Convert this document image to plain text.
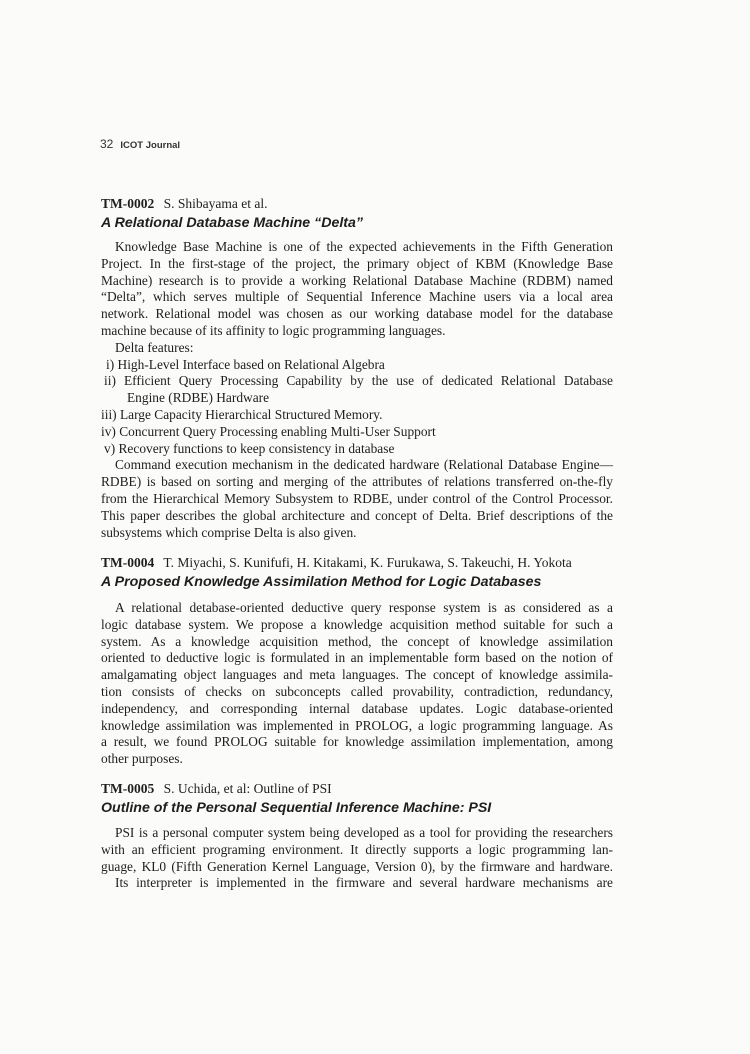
32 ICOT Journal
TM-0002 S. Shibayama et al.
A Relational Database Machine “Delta”
Knowledge Base Machine is one of the expected achievements in the Fifth Generation
Project. In the first-stage of the project, the primary object of KBM (Knowledge Base
Machine) research is to provide a working Relational Database Machine (RDBM) named
“Delta”, which serves multiple of Sequential Inference Machine users via a local area
network. Relational model was chosen as our working database model for the database
machine because of its affinity to logic programming languages.
Delta features:
i) High-Level Interface based on Relational Algebra
ii) Efficient Query Processing Capability by the use of dedicated Relational Database
Engine (RDBE) Hardware
iii) Large Capacity Hierarchical Structured Memory.
iv) Concurrent Query Processing enabling Multi-User Support
v) Recovery functions to keep consistency in database
Command execution mechanism in the dedicated hardware (Relational Database Engine—
RDBE) is based on sorting and merging of the attributes of relations transferred on-the-fly
from the Hierarchical Memory Subsystem to RDBE, under control of the Control Processor.
This paper describes the global architecture and concept of Delta. Brief descriptions of the
subsystems which comprise Delta is also given.
TM-0004 T. Miyachi, S. Kunifufi, H. Kitakami, K. Furukawa, S. Takeuchi, H. Yokota
A Proposed Knowledge Assimilation Method for Logic Databases
A relational detabase-oriented deductive query response system is as considered as a
logic database system. We propose a knowledge acquisition method suitable for such a
system. As a knowledge acquisition method, the concept of knowledge assimilation
oriented to deductive logic is formulated in an implementable form based on the notion of
amalgamating object languages and meta languages. The concept of knowledge assimila-
tion consists of checks on subconcepts called provability, contradiction, redundancy,
independency, and corresponding internal database updates. Logic database-oriented
knowledge assimilation was implemented in PROLOG, a logic programming language. As
a result, we found PROLOG suitable for knowledge assimilation implementation, among
other purposes.
TM-0005 S. Uchida, et al: Outline of PSI
Outline of the Personal Sequential Inference Machine: PSI
PSI is a personal computer system being developed as a tool for providing the researchers
with an efficient programing environment. It directly supports a logic programming lan-
guage, KL0 (Fifth Generation Kernel Language, Version 0), by the firmware and hardware.
Its interpreter is implemented in the firmware and several hardware mechanisms are
